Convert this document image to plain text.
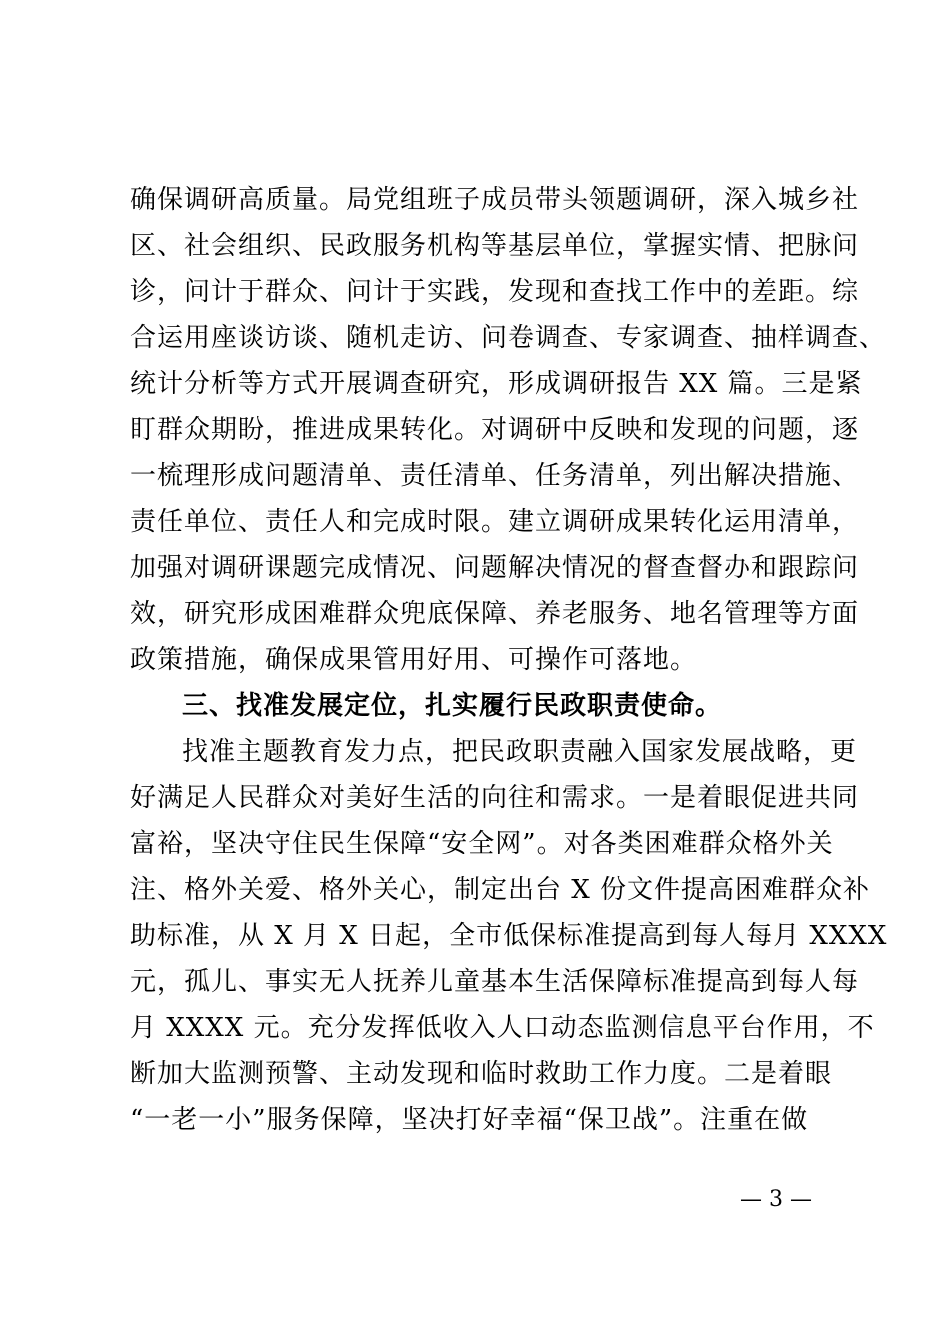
确保调研高质量。局党组班子成员带头领题调研，深入城乡社
区、社会组织、民政服务机构等基层单位，掌握实情、把脉问
诊，问计于群众、问计于实践，发现和查找工作中的差距。综
合运用座谈访谈、随机走访、问卷调查、专家调查、抽样调查、
统计分析等方式开展调查研究，形成调研报告 XX 篇。三是紧
盯群众期盼，推进成果转化。对调研中反映和发现的问题，逐
一梳理形成问题清单、责任清单、任务清单，列出解决措施、
责任单位、责任人和完成时限。建立调研成果转化运用清单，
加强对调研课题完成情况、问题解决情况的督查督办和跟踪问
效，研究形成困难群众兜底保障、养老服务、地名管理等方面
政策措施，确保成果管用好用、可操作可落地。
三、找准发展定位，扎实履行民政职责使命。
找准主题教育发力点，把民政职责融入国家发展战略，更
好满足人民群众对美好生活的向往和需求。一是着眼促进共同
富裕，坚决守住民生保障“安全网”。对各类困难群众格外关
注、格外关爱、格外关心，制定出台 X 份文件提高困难群众补
助标准，从 X 月 X 日起，全市低保标准提高到每人每月 XXXX
元，孤儿、事实无人抚养儿童基本生活保障标准提高到每人每
月 XXXX 元。充分发挥低收入人口动态监测信息平台作用，不
断加大监测预警、主动发现和临时救助工作力度。二是着眼
“一老一小”服务保障，坚决打好幸福“保卫战”。注重在做
— 3 —
